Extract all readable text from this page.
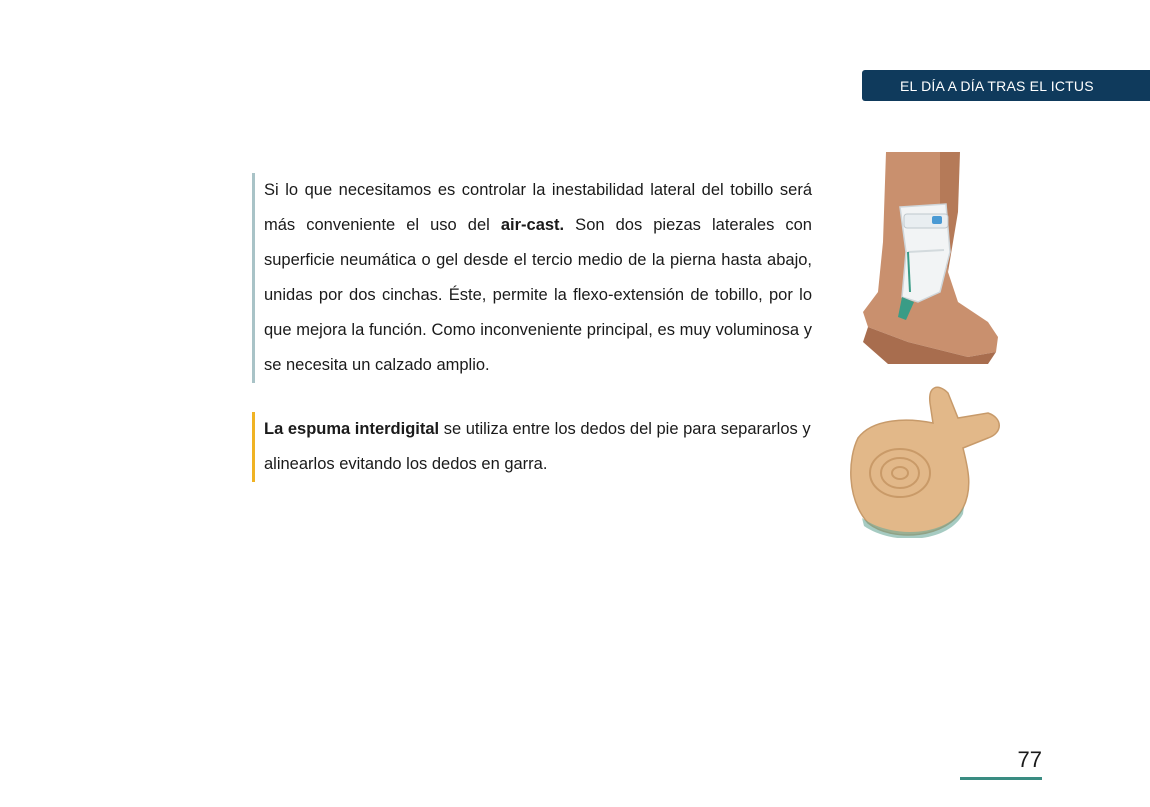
EL DÍA A DÍA TRAS EL ICTUS
Si lo que necesitamos es controlar la inestabilidad lateral del tobillo será más conveniente el uso del air-cast. Son dos piezas laterales con superficie neumática o gel desde el tercio medio de la pierna hasta abajo, unidas por dos cinchas. Éste, permite la flexo-extensión de tobillo, por lo que mejora la función. Como inconveniente principal, es muy voluminosa y se necesita un calzado amplio.
La espuma interdigital se utiliza entre los dedos del pie para separarlos y alinearlos evitando los dedos en garra.
77
